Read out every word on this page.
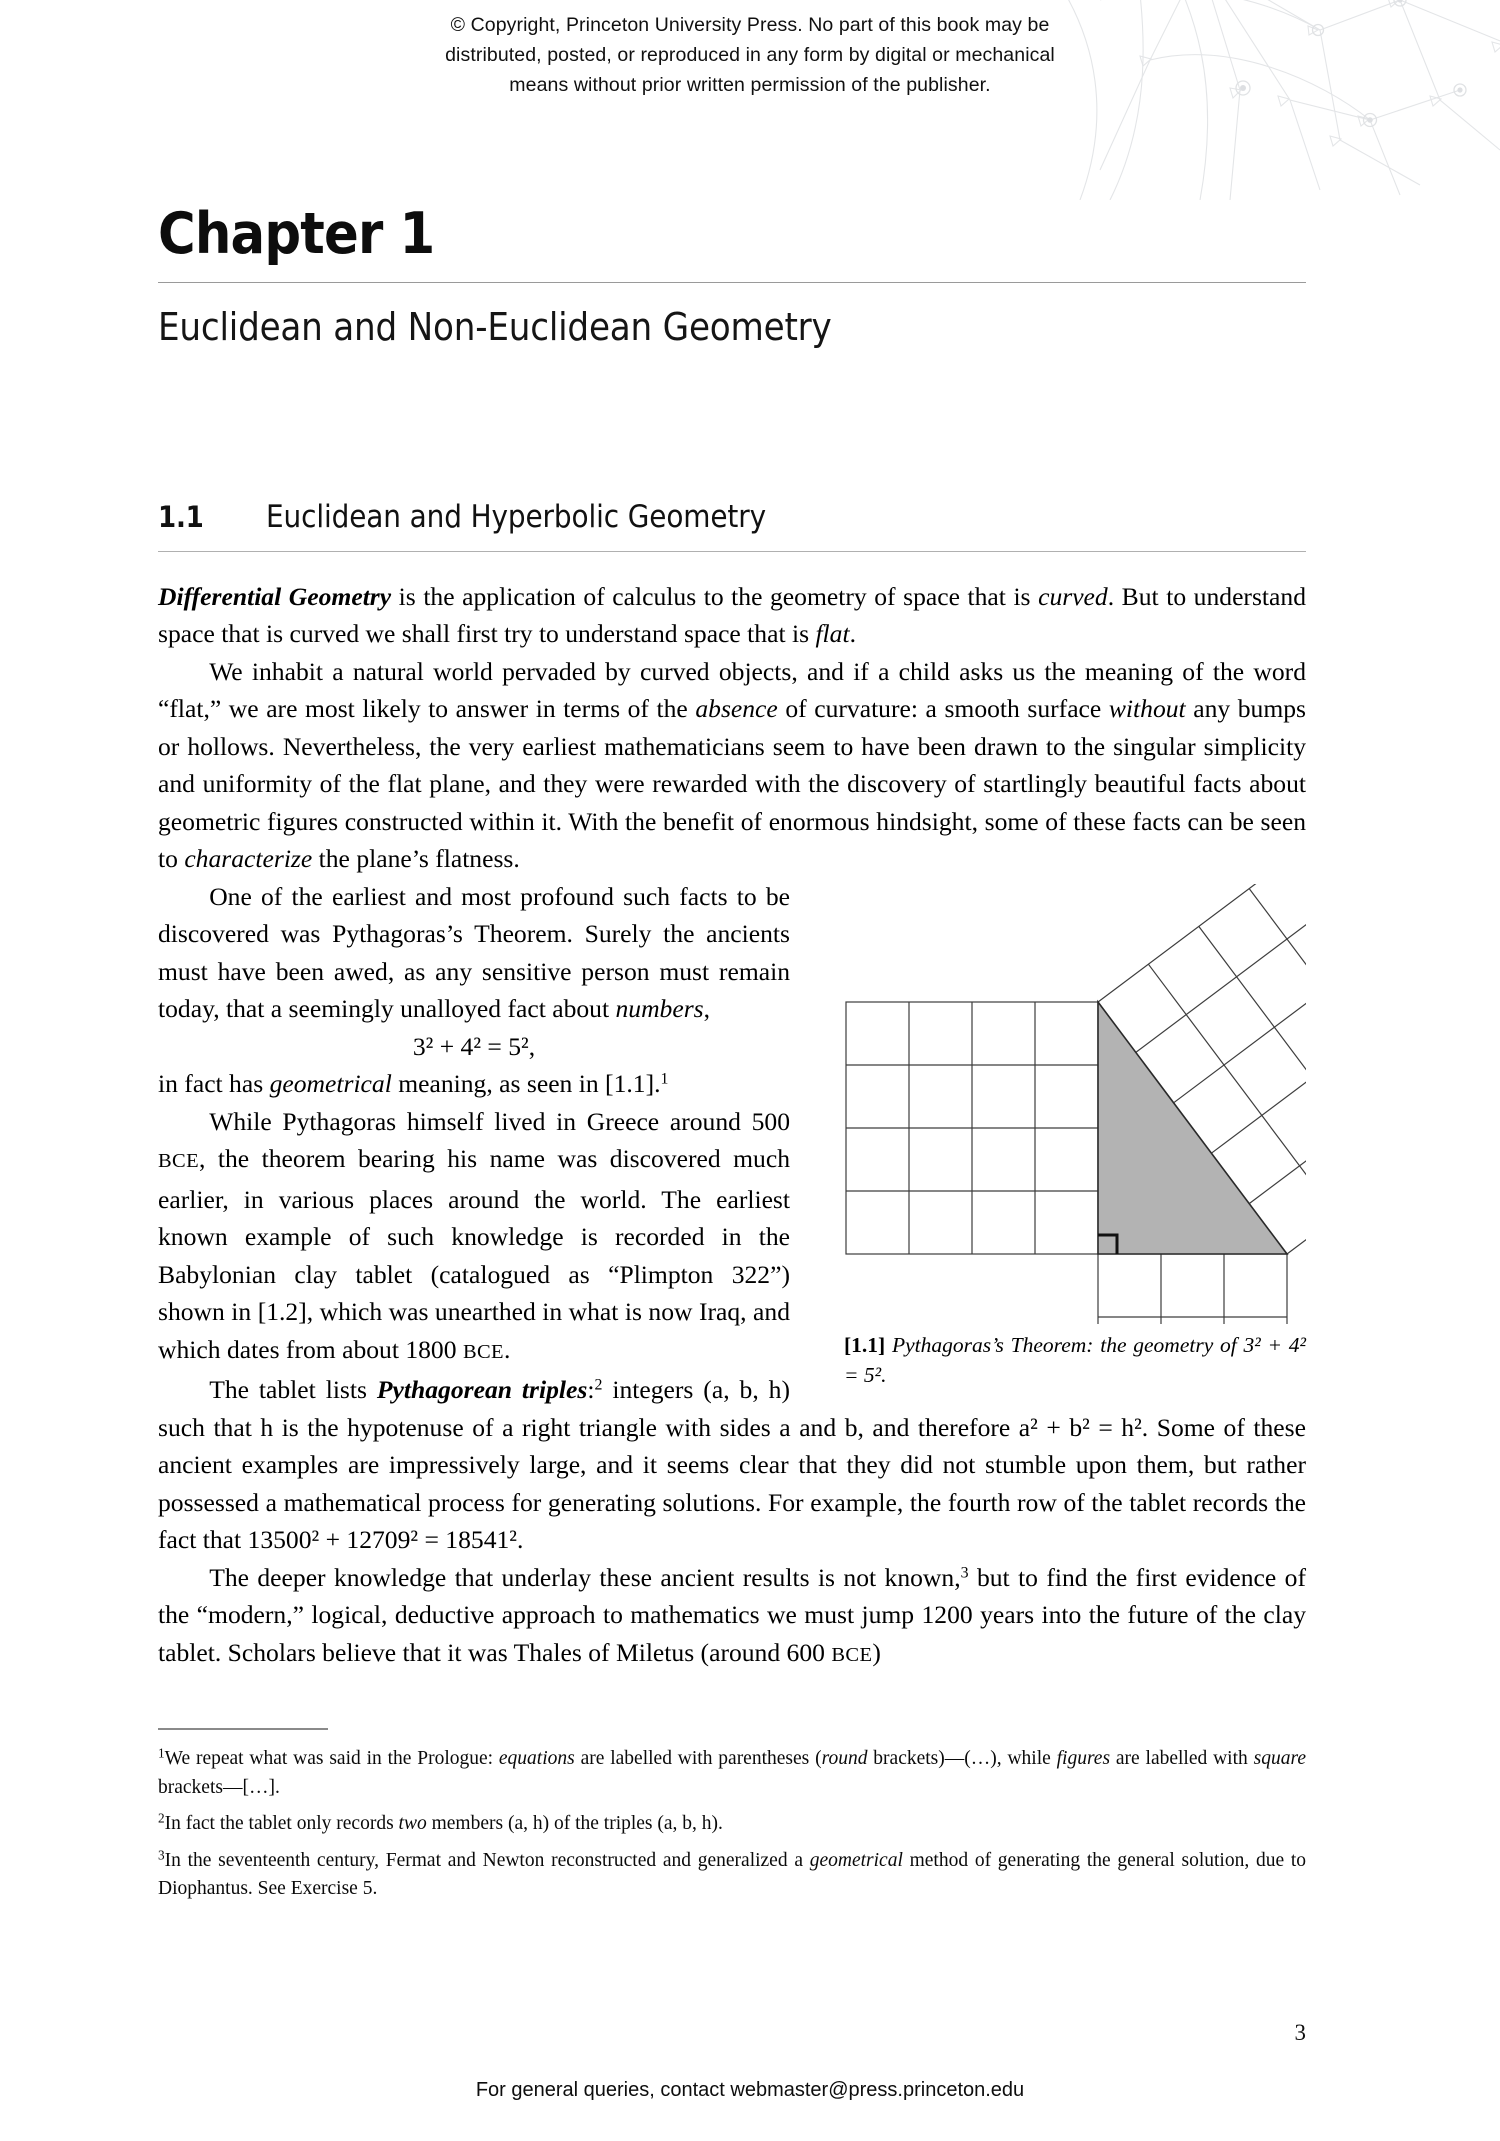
© Copyright, Princeton University Press. No part of this book may be
distributed, posted, or reproduced in any form by digital or mechanical
means without prior written permission of the publisher.
Chapter 1
Euclidean and Non-Euclidean Geometry
1.1	Euclidean and Hyperbolic Geometry

Differential Geometry is the application of calculus to the geometry of space that is curved. But to understand space that is curved we shall first try to understand space that is flat.

We inhabit a natural world pervaded by curved objects, and if a child asks us the meaning of the word “flat,” we are most likely to answer in terms of the absence of curvature: a smooth surface without any bumps or hollows. Nevertheless, the very earliest mathematicians seem to have been drawn to the singular simplicity and uniformity of the flat plane, and they were rewarded with the discovery of startlingly beautiful facts about geometric figures constructed within it. With the benefit of enormous hindsight, some of these facts can be seen to characterize the plane’s flatness.

[1.1] Pythagoras’s Theorem: the geometry of 3² + 4² = 5².

One of the earliest and most profound such facts to be discovered was Pythagoras’s Theorem. Surely the ancients must have been awed, as any sensitive person must remain today, that a seemingly unalloyed fact about numbers,

3² + 4² = 5²,

in fact has geometrical meaning, as seen in [1.1].$^1$

While Pythagoras himself lived in Greece around 500 BCE, the theorem bearing his name was discovered much earlier, in various places around the world. The earliest known example of such knowledge is recorded in the Babylonian clay tablet (catalogued as “Plimpton 322”) shown in [1.2], which was unearthed in what is now Iraq, and which dates from about 1800 BCE.

The tablet lists Pythagorean triples:$^2$ integers (a, b, h) such that h is the hypotenuse of a right triangle with sides a and b, and therefore a² + b² = h². Some of these ancient examples are impressively large, and it seems clear that they did not stumble upon them, but rather possessed a mathematical process for generating solutions. For example, the fourth row of the tablet records the fact that 13500² + 12709² = 18541².

The deeper knowledge that underlay these ancient results is not known,$^3$ but to find the first evidence of the “modern,” logical, deductive approach to mathematics we must jump 1200 years into the future of the clay tablet. Scholars believe that it was Thales of Miletus (around 600 BCE)

$^1$We repeat what was said in the Prologue: equations are labelled with parentheses (round brackets)—(…), while figures are labelled with square brackets—[…].

$^2$In fact the tablet only records two members (a, h) of the triples (a, b, h).

$^3$In the seventeenth century, Fermat and Newton reconstructed and generalized a geometrical method of generating the general solution, due to Diophantus. See Exercise 5.

3
For general queries, contact webmaster@press.princeton.edu
